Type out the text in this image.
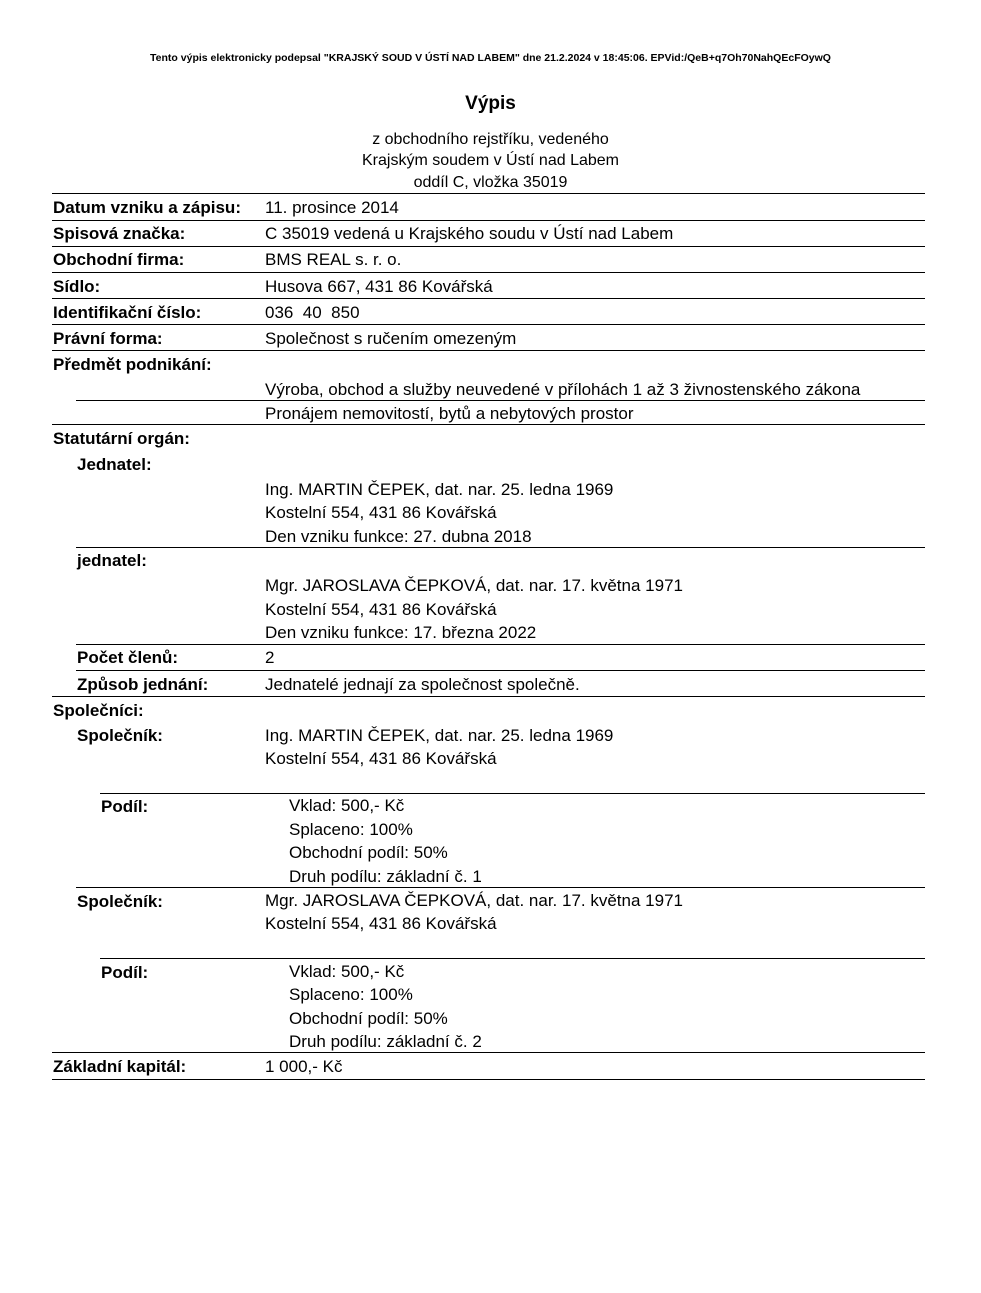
Tento výpis elektronicky podepsal "KRAJSKÝ SOUD V ÚSTÍ NAD LABEM" dne 21.2.2024 v 18:45:06. EPVid:/QeB+q7Oh70NahQEcFOywQ
Výpis
z obchodního rejstříku, vedeného
Krajským soudem v Ústí nad Labem
oddíl C, vložka 35019
Datum vzniku a zápisu: 11. prosince 2014
Spisová značka:	C 35019 vedená u Krajského soudu v Ústí nad Labem
Obchodní firma:	BMS REAL s. r. o.
Sídlo:	Husova 667, 431 86 Kovářská
Identifikační číslo:	036  40  850
Právní forma:	Společnost s ručením omezeným
Předmět podnikání:
Výroba, obchod a služby neuvedené v přílohách 1 až 3 živnostenského zákona
Pronájem nemovitostí, bytů a nebytových prostor
Statutární orgán:
Jednatel:
Ing. MARTIN ČEPEK, dat. nar. 25. ledna 1969
Kostelní 554, 431 86 Kovářská
Den vzniku funkce: 27. dubna 2018
jednatel:
Mgr. JAROSLAVA ČEPKOVÁ, dat. nar. 17. května 1971
Kostelní 554, 431 86 Kovářská
Den vzniku funkce: 17. března 2022
Počet členů:	2
Způsob jednání:	Jednatelé jednají za společnost společně.
Společníci:
Společník:	Ing. MARTIN ČEPEK, dat. nar. 25. ledna 1969
Kostelní 554, 431 86 Kovářská
Podíl:	Vklad: 500,- Kč
Splaceno: 100%
Obchodní podíl: 50%
Druh podílu: základní č. 1
Společník:	Mgr. JAROSLAVA ČEPKOVÁ, dat. nar. 17. května 1971
Kostelní 554, 431 86 Kovářská
Podíl:	Vklad: 500,- Kč
Splaceno: 100%
Obchodní podíl: 50%
Druh podílu: základní č. 2
Základní kapitál:	1 000,- Kč
